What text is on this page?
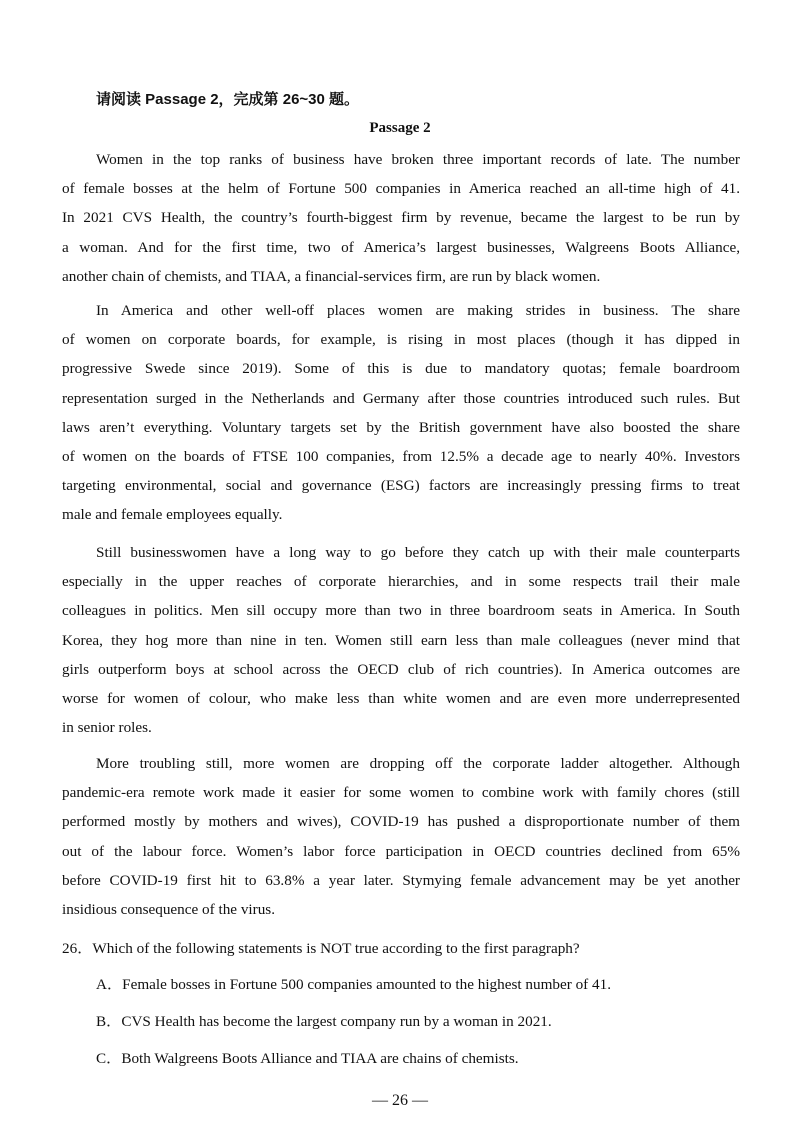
请阅读 Passage 2，完成第 26~30 题。
Passage 2
Women in the top ranks of business have broken three important records of late. The number
of female bosses at the helm of Fortune 500 companies in America reached an all-time high of 41.
In 2021 CVS Health, the country’s fourth-biggest firm by revenue, became the largest to be run by
a woman. And for the first time, two of America’s largest businesses, Walgreens Boots Alliance,
another chain of chemists, and TIAA, a financial-services firm, are run by black women.
In America and other well-off places women are making strides in business. The share
of women on corporate boards, for example, is rising in most places (though it has dipped in
progressive Swede since 2019). Some of this is due to mandatory quotas; female boardroom
representation surged in the Netherlands and Germany after those countries introduced such rules. But
laws aren’t everything. Voluntary targets set by the British government have also boosted the share
of women on the boards of FTSE 100 companies, from 12.5% a decade age to nearly 40%. Investors
targeting environmental, social and governance (ESG) factors are increasingly pressing firms to treat
male and female employees equally.
Still businesswomen have a long way to go before they catch up with their male counterparts
especially in the upper reaches of corporate hierarchies, and in some respects trail their male
colleagues in politics. Men sill occupy more than two in three boardroom seats in America. In South
Korea, they hog more than nine in ten. Women still earn less than male colleagues (never mind that
girls outperform boys at school across the OECD club of rich countries). In America outcomes are
worse for women of colour, who make less than white women and are even more underrepresented
in senior roles.
More troubling still, more women are dropping off the corporate ladder altogether. Although
pandemic-era remote work made it easier for some women to combine work with family chores (still
performed mostly by mothers and wives), COVID-19 has pushed a disproportionate number of them
out of the labour force. Women’s labor force participation in OECD countries declined from 65%
before COVID-19 first hit to 63.8% a year later. Stymying female advancement may be yet another
insidious consequence of the virus.
26．Which of the following statements is NOT true according to the first paragraph?
A．Female bosses in Fortune 500 companies amounted to the highest number of 41.
B．CVS Health has become the largest company run by a woman in 2021.
C．Both Walgreens Boots Alliance and TIAA are chains of chemists.
— 26 —
